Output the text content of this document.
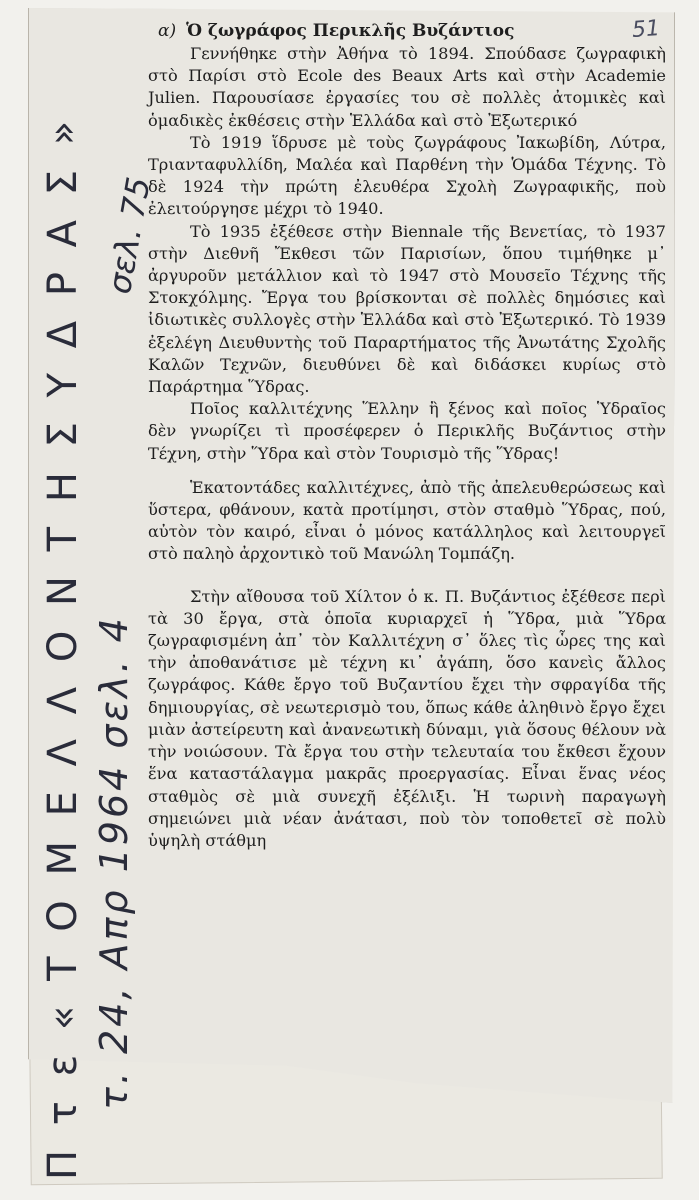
α) Ὁ ζωγράφος Περικλῆς Βυζάντιος	51

Γεννήθηκε στὴν Ἀθήνα τὸ 1894. Σπούδασε ζωγραφικὴ στὸ Παρίσι στὸ Ecole des Beaux Arts καὶ στὴν Academie Julien. Παρουσίασε ἐργασίες του σὲ πολλὲς ἀτομικὲς καὶ ὁμαδικὲς ἐκθέσεις στὴν Ἑλλάδα καὶ στὸ Ἐξωτερικό

Τὸ 1919 ἵδρυσε μὲ τοὺς ζωγράφους Ἰακωβίδη, Λύτρα, Τριανταφυλλίδη, Μαλέα καὶ Παρθένη τὴν Ὁμάδα Τέχνης. Τὸ δὲ 1924 τὴν πρώτη ἐλευθέρα Σχολὴ Ζωγραφικῆς, ποὺ ἐλειτούργησε μέχρι τὸ 1940.

Τὸ 1935 ἐξέθεσε στὴν Biennale τῆς Βενετίας, τὸ 1937 στὴν Διεθνῆ Ἔκθεσι τῶν Παρισίων, ὅπου τιμήθηκε μ᾿ ἀργυροῦν μετάλλιον καὶ τὸ 1947 στὸ Μουσεῖο Τέχνης τῆς Στοκχόλμης. Ἔργα του βρίσκονται σὲ πολλὲς δημόσιες καὶ ἰδιωτικὲς συλλογὲς στὴν Ἑλλάδα καὶ στὸ Ἐξωτερικό. Τὸ 1939 ἐξελέγη Διευθυντὴς τοῦ Παραρτήματος τῆς Ἀνωτάτης Σχολῆς Καλῶν Τεχνῶν, διευθύνει δὲ καὶ διδάσκει κυρίως στὸ Παράρτημα Ὕδρας.

Ποῖος καλλιτέχνης Ἕλλην ἢ ξένος καὶ ποῖος Ὑδραῖος δὲν γνωρίζει τὶ προσέφερεν ὁ Περικλῆς Βυζάντιος στὴν Τέχνη, στὴν Ὕδρα καὶ στὸν Τουρισμὸ τῆς Ὕδρας!

Ἑκατοντάδες καλλιτέχνες, ἀπὸ τῆς ἀπελευθερώσεως καὶ ὕστερα, φθάνουν, κατὰ προτίμησι, στὸν σταθμὸ Ὕδρας, πού, αὐτὸν τὸν καιρό, εἶναι ὁ μόνος κατάλληλος καὶ λειτουργεῖ στὸ παληὸ ἀρχοντικὸ τοῦ Μανώλη Τομπάζη.

Στὴν αἴθουσα τοῦ Χίλτον ὁ κ. Π. Βυζάντιος ἐξέθεσε περὶ τὰ 30 ἔργα, στὰ ὁποῖα κυριαρχεῖ ἡ Ὕδρα, μιὰ Ὕδρα ζωγραφισμένη ἀπ᾿ τὸν Καλλιτέχνη σ᾿ ὅλες τὶς ὧρες της καὶ τὴν ἀποθανάτισε μὲ τέχνη κι᾿ ἀγάπη, ὅσο κανεὶς ἄλλος ζωγράφος. Κάθε ἔργο τοῦ Βυζαντίου ἔχει τὴν σφραγίδα τῆς δημιουργίας, σὲ νεωτερισμὸ του, ὅπως κάθε ἀληθινὸ ἔργο ἔχει μιὰν ἀστείρευτη καὶ ἀνανεωτικὴ δύναμι, γιὰ ὅσους θέλουν νὰ τὴν νοιώσουν. Τὰ ἔργα του στὴν τελευταία του ἔκθεσι ἔχουν ἕνα καταστάλαγμα μακρᾶς προεργασίας. Εἶναι ἕνας νέος σταθμὸς σὲ μιὰ συνεχῆ ἐξέλιξι. Ἡ τωρινὴ παραγωγὴ σημειώνει μιὰ νέαν ἀνάτασι, ποὺ τὸν τοποθετεῖ σὲ πολὺ ὑψηλὴ στάθμη

Π τ ε « Τ Ο Μ Ε Λ Λ Ο Ν Τ Η Σ Υ Δ Ρ Α Σ » τ. 24, Απρ 1964 σελ. 4
σελ. 75
